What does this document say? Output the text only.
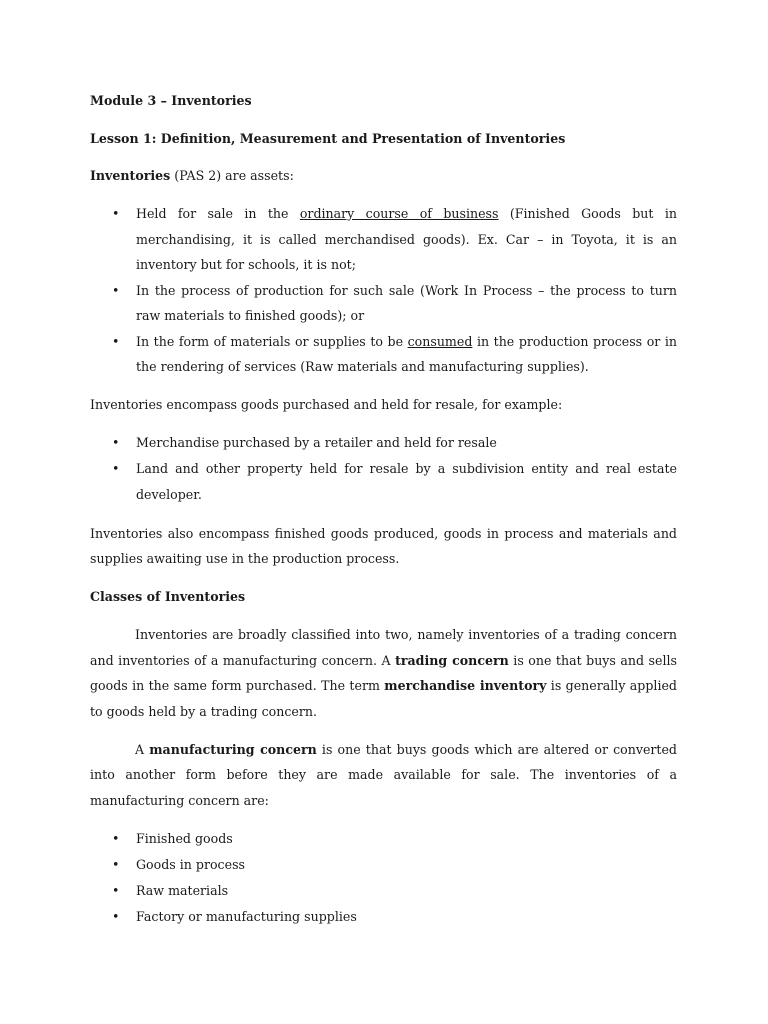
Module 3 – Inventories

Lesson 1: Definition, Measurement and Presentation of Inventories

Inventories (PAS 2) are assets:

• Held for sale in the ordinary course of business (Finished Goods but in merchandising, it is called merchandised goods). Ex. Car – in Toyota, it is an inventory but for schools, it is not;
• In the process of production for such sale (Work In Process – the process to turn raw materials to finished goods); or
• In the form of materials or supplies to be consumed in the production process or in the rendering of services (Raw materials and manufacturing supplies).

Inventories encompass goods purchased and held for resale, for example:

• Merchandise purchased by a retailer and held for resale
• Land and other property held for resale by a subdivision entity and real estate developer.

Inventories also encompass finished goods produced, goods in process and materials and supplies awaiting use in the production process.

Classes of Inventories

Inventories are broadly classified into two, namely inventories of a trading concern and inventories of a manufacturing concern. A trading concern is one that buys and sells goods in the same form purchased. The term merchandise inventory is generally applied to goods held by a trading concern.

A manufacturing concern is one that buys goods which are altered or converted into another form before they are made available for sale. The inventories of a manufacturing concern are:

• Finished goods
• Goods in process
• Raw materials
• Factory or manufacturing supplies
